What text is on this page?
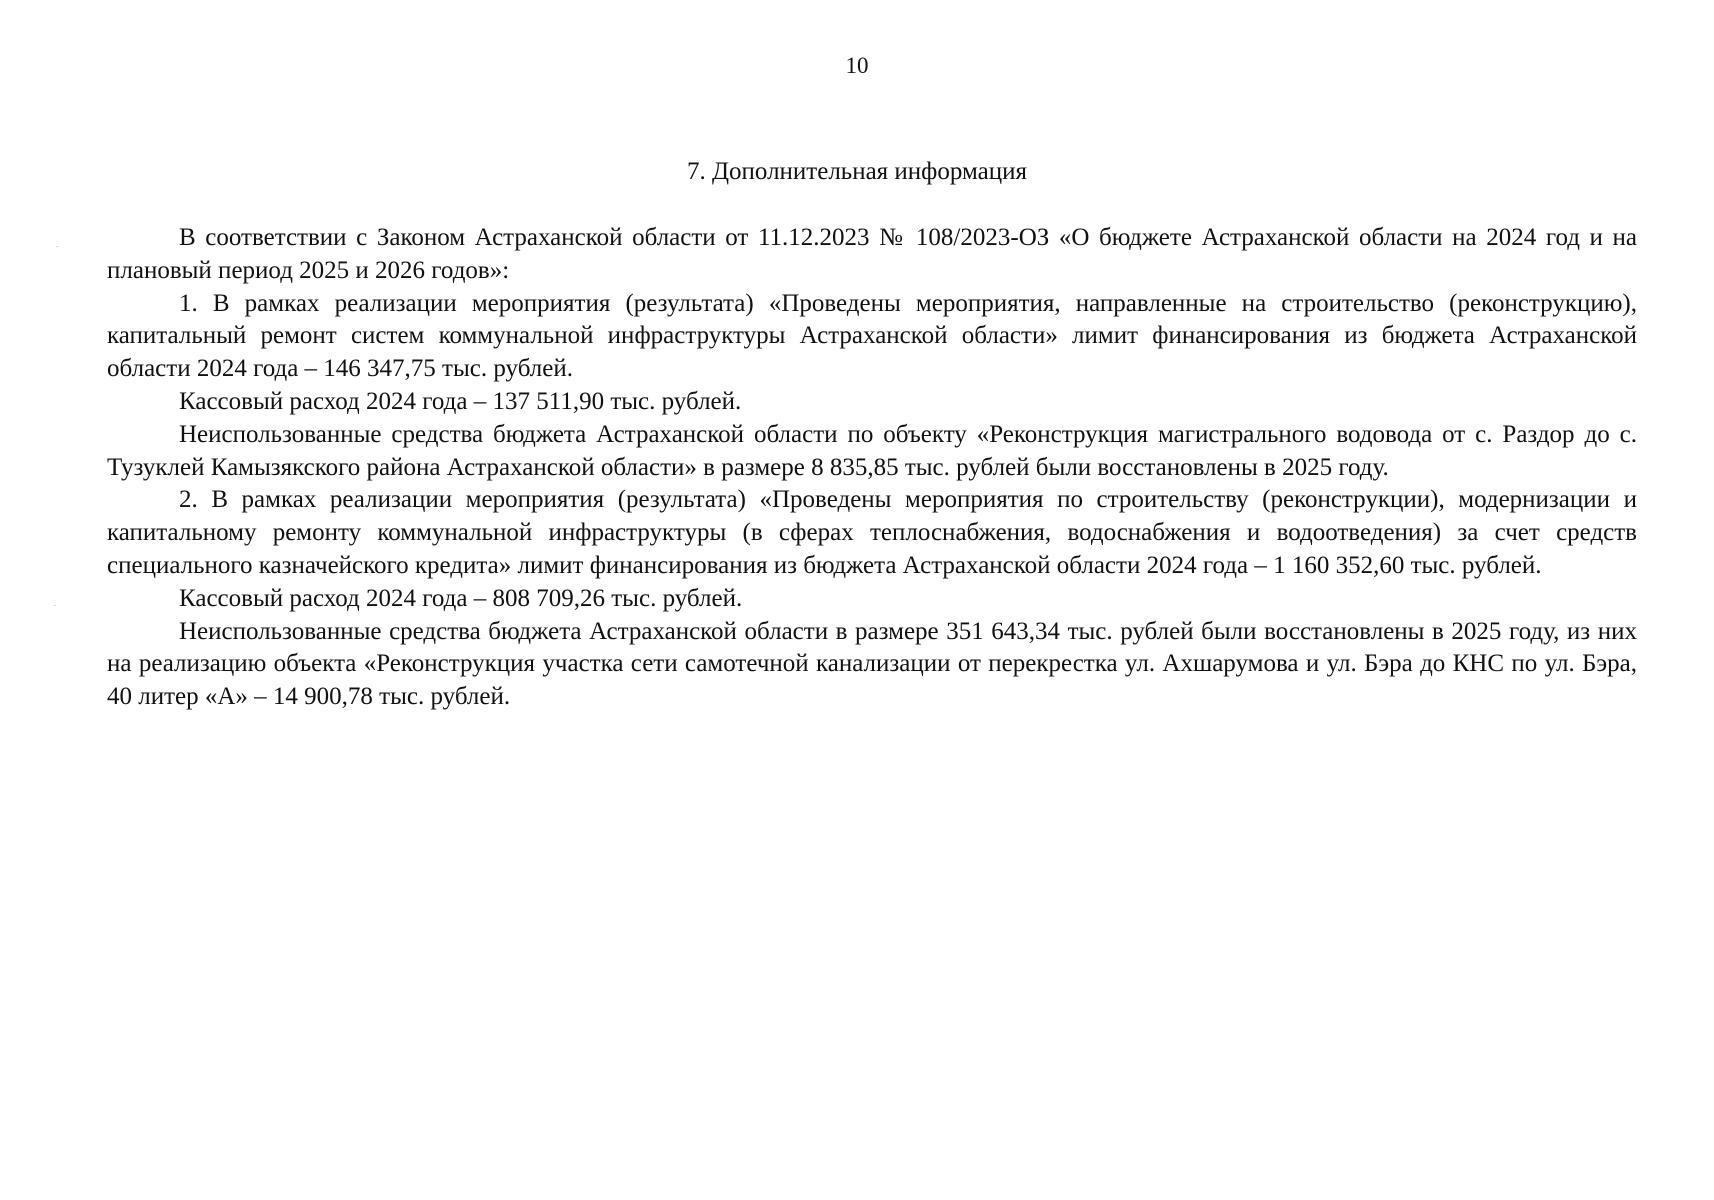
10
7. Дополнительная информация

В соответствии с Законом Астраханской области от 11.12.2023 № 108/2023-ОЗ «О бюджете Астраханской области на 2024 год и на плановый период 2025 и 2026 годов»:

1. В рамках реализации мероприятия (результата) «Проведены мероприятия, направленные на строительство (реконструкцию), капитальный ремонт систем коммунальной инфраструктуры Астраханской области» лимит финансирования из бюджета Астраханской области 2024 года – 146 347,75 тыс. рублей.

Кассовый расход 2024 года – 137 511,90 тыс. рублей.

Неиспользованные средства бюджета Астраханской области по объекту «Реконструкция магистрального водовода от с. Раздор до с. Тузуклей Камызякского района Астраханской области» в размере 8 835,85 тыс. рублей были восстановлены в 2025 году.

2. В рамках реализации мероприятия (результата) «Проведены мероприятия по строительству (реконструкции), модернизации и капитальному ремонту коммунальной инфраструктуры (в сферах теплоснабжения, водоснабжения и водоотведения) за счет средств специального казначейского кредита» лимит финансирования из бюджета Астраханской области 2024 года – 1 160 352,60 тыс. рублей.

Кассовый расход 2024 года – 808 709,26 тыс. рублей.

Неиспользованные средства бюджета Астраханской области в размере 351 643,34 тыс. рублей были восстановлены в 2025 году, из них на реализацию объекта «Реконструкция участка сети самотечной канализации от перекрестка ул. Ахшарумова и ул. Бэра до КНС по ул. Бэра, 40 литер «А» – 14 900,78 тыс. рублей.
